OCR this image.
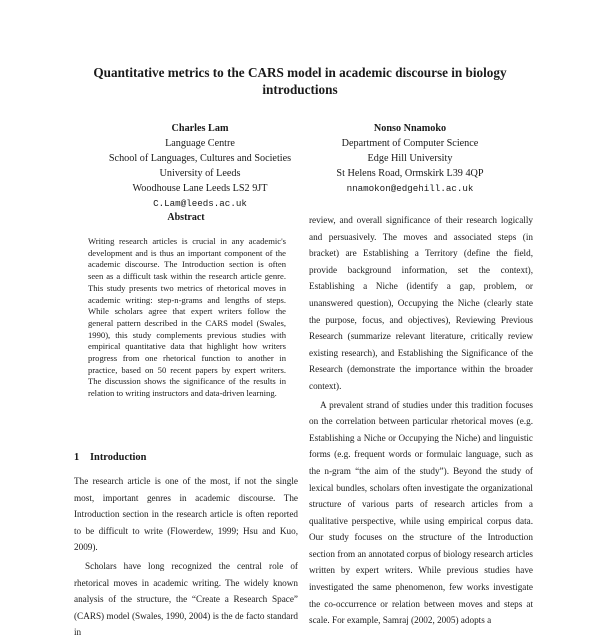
Quantitative metrics to the CARS model in academic discourse in biology introductions
Charles Lam
Language Centre
School of Languages, Cultures and Societies
University of Leeds
Woodhouse Lane Leeds LS2 9JT
C.Lam@leeds.ac.uk
Nonso Nnamoko
Department of Computer Science
Edge Hill University
St Helens Road, Ormskirk L39 4QP
nnamokon@edgehill.ac.uk
Abstract

Writing research articles is crucial in any academic's development and is thus an important component of the academic discourse. The Introduction section is often seen as a difficult task within the research article genre. This study presents two metrics of rhetorical moves in academic writing: step-n-grams and lengths of steps. While scholars agree that expert writers follow the general pattern described in the CARS model (Swales, 1990), this study complements previous studies with empirical quantitative data that highlight how writers progress from one rhetorical function to another in practice, based on 50 recent papers by expert writers. The discussion shows the significance of the results in relation to writing instructors and data-driven learning.

1 Introduction

The research article is one of the most, if not the single most, important genres in academic discourse. The Introduction section in the research article is often reported to be difficult to write (Flowerdew, 1999; Hsu and Kuo, 2009).

Scholars have long recognized the central role of rhetorical moves in academic writing. The widely known analysis of the structure, the “Create a Research Space” (CARS) model (Swales, 1990, 2004) is the de facto standard in

review, and overall significance of their research logically and persuasively. The moves and associated steps (in bracket) are Establishing a Territory (define the field, provide background information, set the context), Establishing a Niche (identify a gap, problem, or unanswered question), Occupying the Niche (clearly state the purpose, focus, and objectives), Reviewing Previous Research (summarize relevant literature, critically review existing research), and Establishing the Significance of the Research (demonstrate the importance within the broader context).

A prevalent strand of studies under this tradition focuses on the correlation between particular rhetorical moves (e.g. Establishing a Niche or Occupying the Niche) and linguistic forms (e.g. frequent words or formulaic language, such as the n-gram “the aim of the study”). Beyond the study of lexical bundles, scholars often investigate the organizational structure of various parts of research articles from a qualitative perspective, while using empirical corpus data. Our study focuses on the structure of the Introduction section from an annotated corpus of biology research articles written by expert writers. While previous studies have investigated the same phenomenon, few works investigate the co-occurrence or relation between moves and steps at scale. For example, Samraj (2002, 2005) adopts a
